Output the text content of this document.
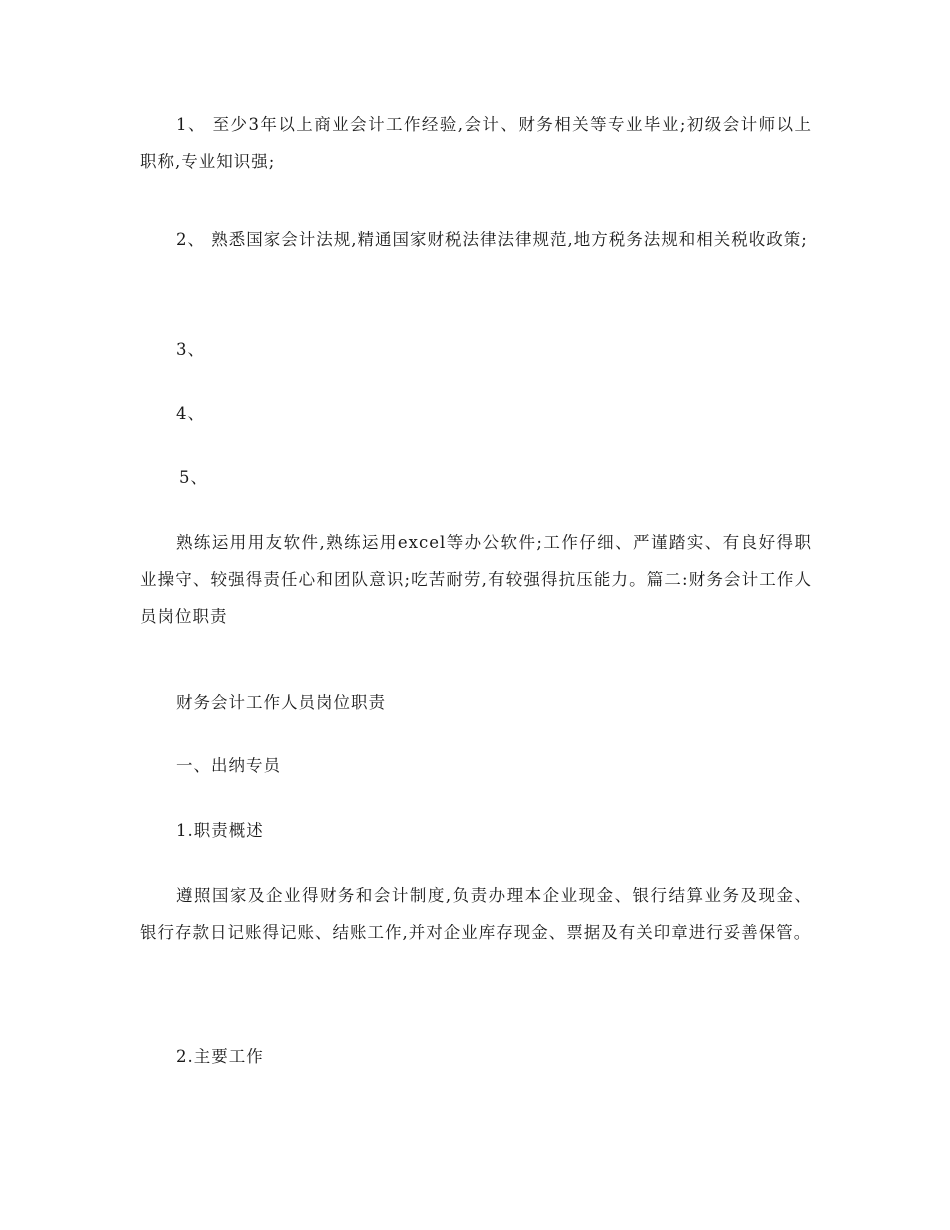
1、 至少3年以上商业会计工作经验,会计、财务相关等专业毕业;初级会计师以上职称,专业知识强;

2、 熟悉国家会计法规,精通国家财税法律法律规范,地方税务法规和相关税收政策;

3、

4、

5、

熟练运用用友软件,熟练运用excel等办公软件;工作仔细、严谨踏实、有良好得职业操守、较强得责任心和团队意识;吃苦耐劳,有较强得抗压能力。篇二:财务会计工作人员岗位职责

财务会计工作人员岗位职责

一、出纳专员

1.职责概述

遵照国家及企业得财务和会计制度,负责办理本企业现金、银行结算业务及现金、银行存款日记账得记账、结账工作,并对企业库存现金、票据及有关印章进行妥善保管。

2.主要工作
